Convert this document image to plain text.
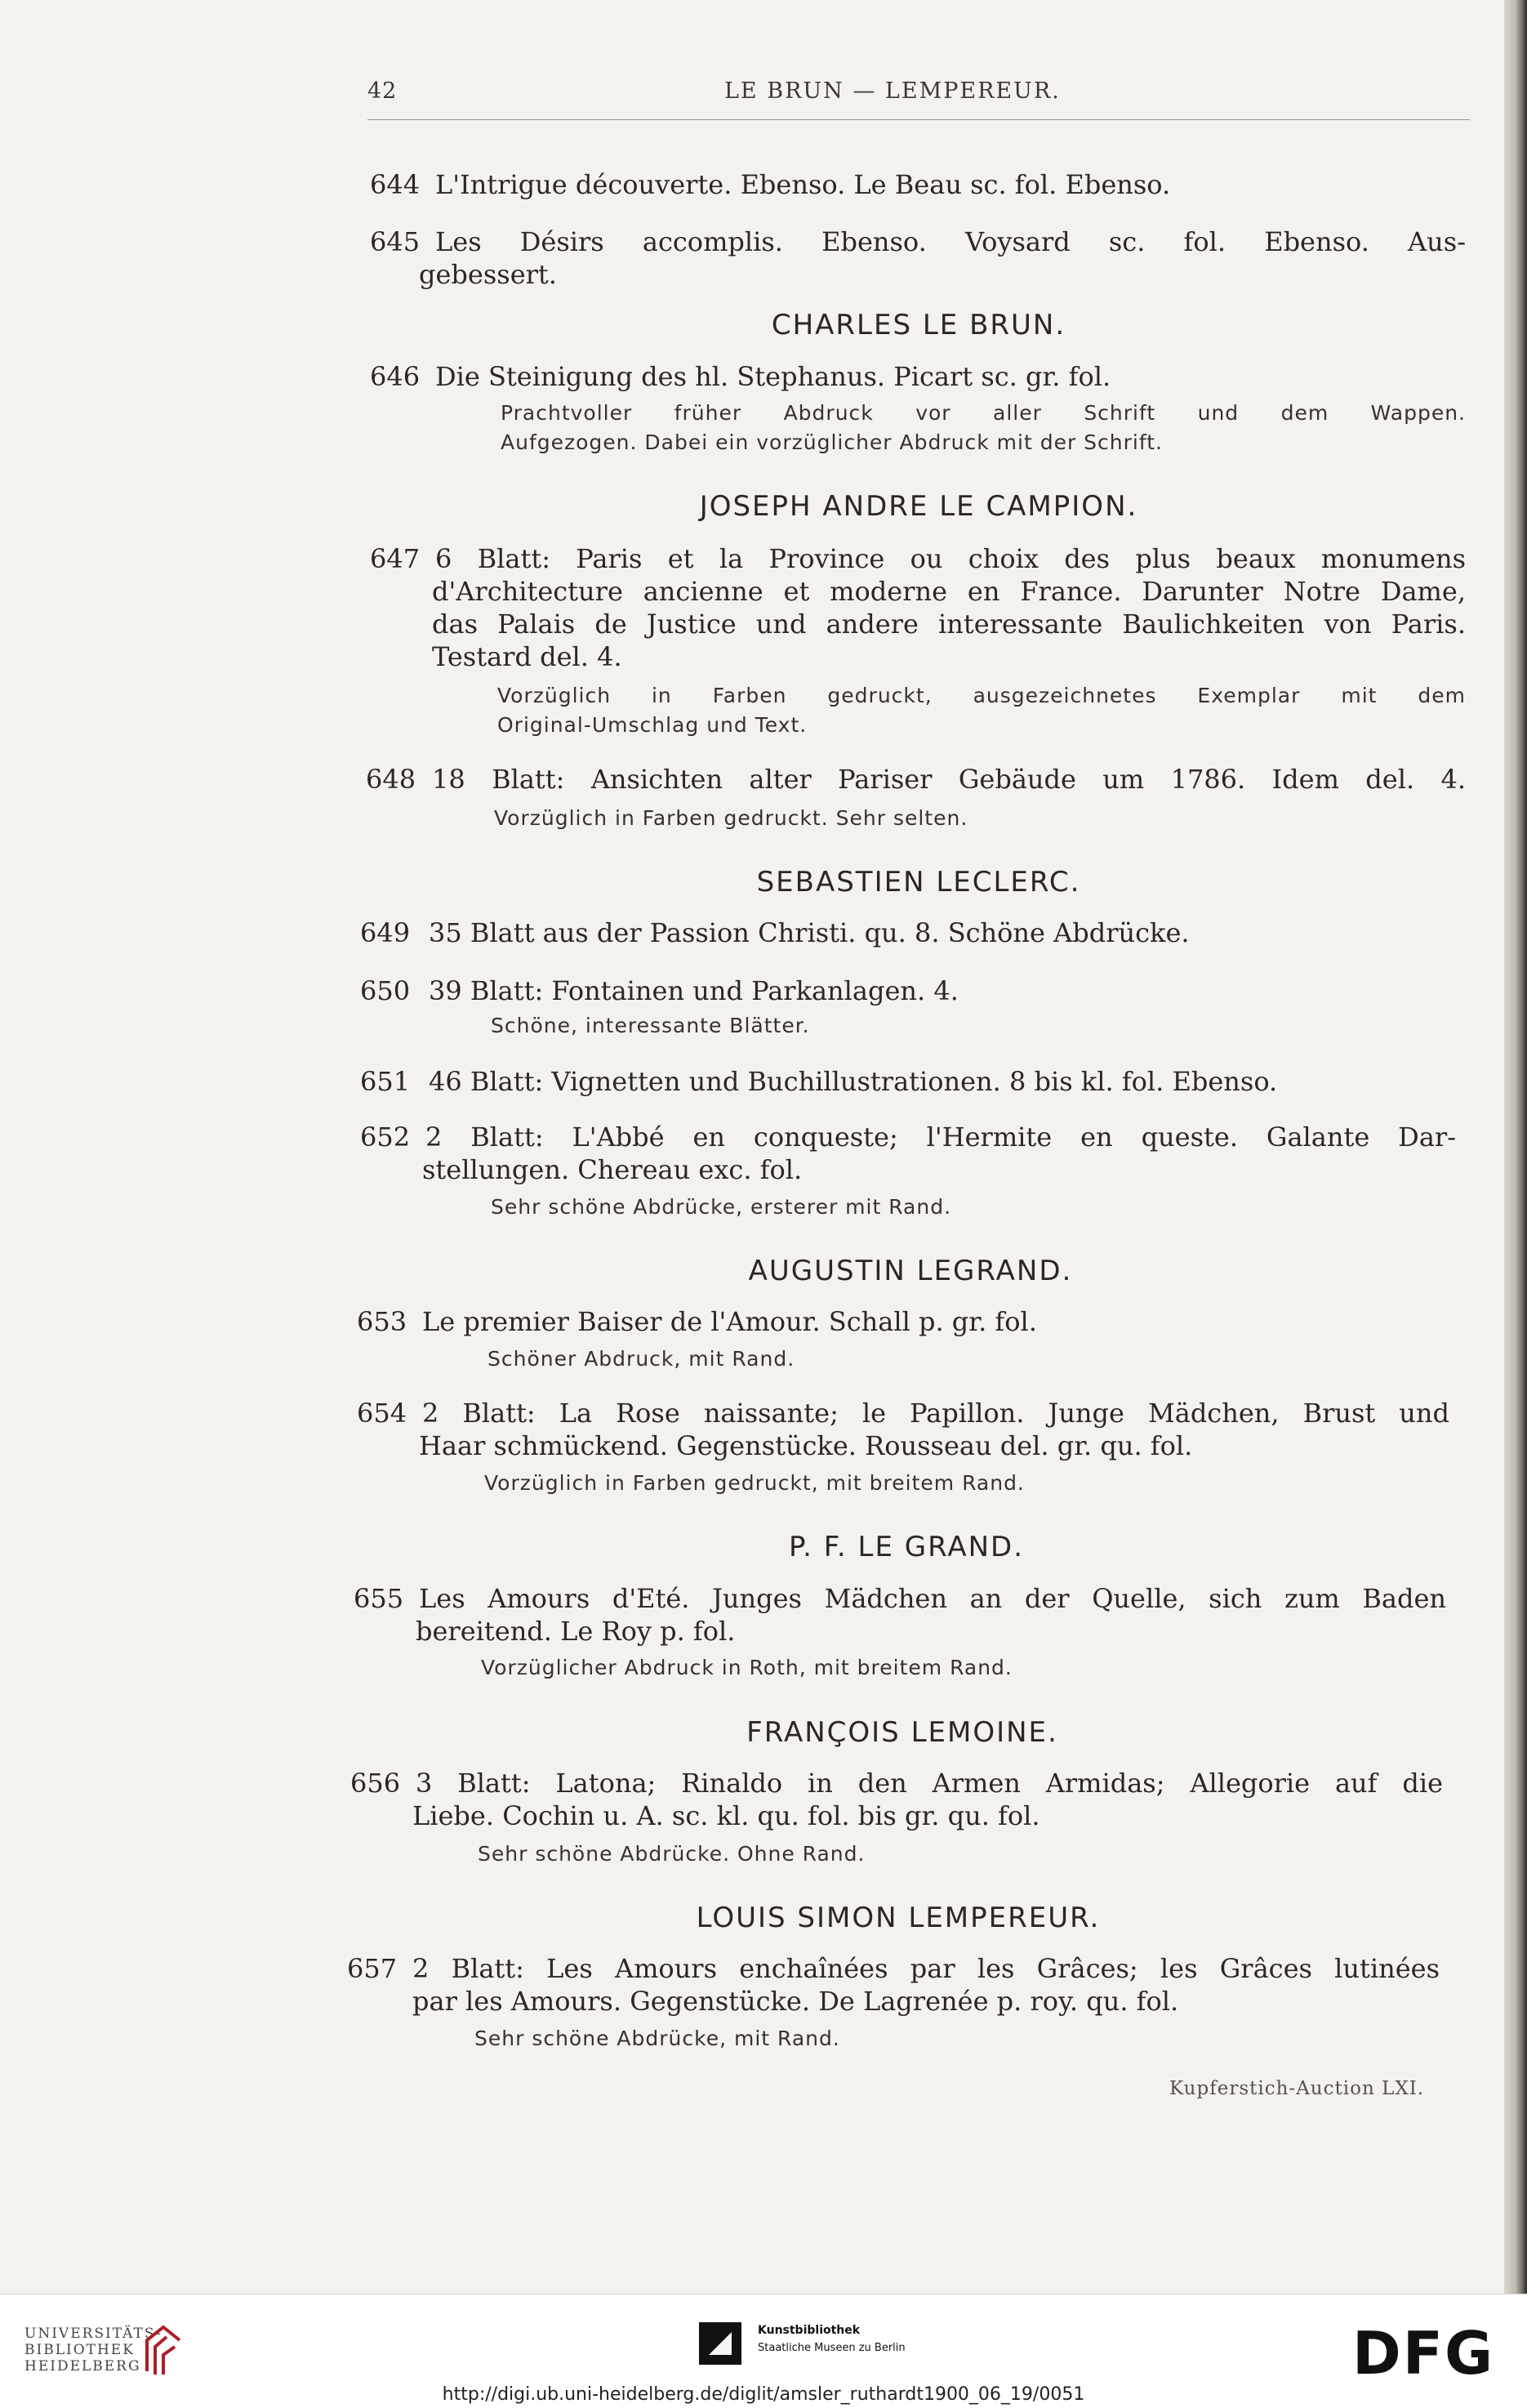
42	LE BRUN — LEMPEREUR.
644 L'Intrigue découverte. Ebenso. Le Beau sc. fol. Ebenso.
645 Les Désirs accomplis. Ebenso. Voysard sc. fol. Ebenso. Aus-
gebessert.
CHARLES LE BRUN.
646 Die Steinigung des hl. Stephanus. Picart sc. gr. fol.
Prachtvoller früher Abdruck vor aller Schrift und dem Wappen.
Aufgezogen. Dabei ein vorzüglicher Abdruck mit der Schrift.
JOSEPH ANDRE LE CAMPION.
647 6 Blatt: Paris et la Province ou choix des plus beaux monumens
d'Architecture ancienne et moderne en France. Darunter Notre Dame,
das Palais de Justice und andere interessante Baulichkeiten von Paris.
Testard del. 4.
Vorzüglich in Farben gedruckt, ausgezeichnetes Exemplar mit dem
Original-Umschlag und Text.
648 18 Blatt: Ansichten alter Pariser Gebäude um 1786. Idem del. 4.
Vorzüglich in Farben gedruckt. Sehr selten.
SEBASTIEN LECLERC.
649 35 Blatt aus der Passion Christi. qu. 8. Schöne Abdrücke.
650 39 Blatt: Fontainen und Parkanlagen. 4.
Schöne, interessante Blätter.
651 46 Blatt: Vignetten und Buchillustrationen. 8 bis kl. fol. Ebenso.
652 2 Blatt: L'Abbé en conqueste; l'Hermite en queste. Galante Dar-
stellungen. Chereau exc. fol.
Sehr schöne Abdrücke, ersterer mit Rand.
AUGUSTIN LEGRAND.
653 Le premier Baiser de l'Amour. Schall p. gr. fol.
Schöner Abdruck, mit Rand.
654 2 Blatt: La Rose naissante; le Papillon. Junge Mädchen, Brust und
Haar schmückend. Gegenstücke. Rousseau del. gr. qu. fol.
Vorzüglich in Farben gedruckt, mit breitem Rand.
P. F. LE GRAND.
655 Les Amours d'Eté. Junges Mädchen an der Quelle, sich zum Baden
bereitend. Le Roy p. fol.
Vorzüglicher Abdruck in Roth, mit breitem Rand.
FRANÇOIS LEMOINE.
656 3 Blatt: Latona; Rinaldo in den Armen Armidas; Allegorie auf die
Liebe. Cochin u. A. sc. kl. qu. fol. bis gr. qu. fol.
Sehr schöne Abdrücke. Ohne Rand.
LOUIS SIMON LEMPEREUR.
657 2 Blatt: Les Amours enchaînées par les Grâces; les Grâces lutinées
par les Amours. Gegenstücke. De Lagrenée p. roy. qu. fol.
Sehr schöne Abdrücke, mit Rand.
Kupferstich-Auction LXI.
UNIVERSITÄTS-
BIBLIOTHEK
HEIDELBERG
Kunstbibliothek
Staatliche Museen zu Berlin	DFG
http://digi.ub.uni-heidelberg.de/diglit/amsler_ruthardt1900_06_19/0051
